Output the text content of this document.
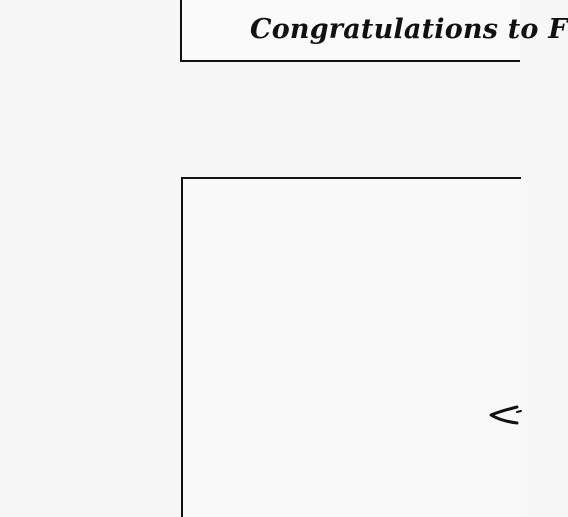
Congratulations to F
